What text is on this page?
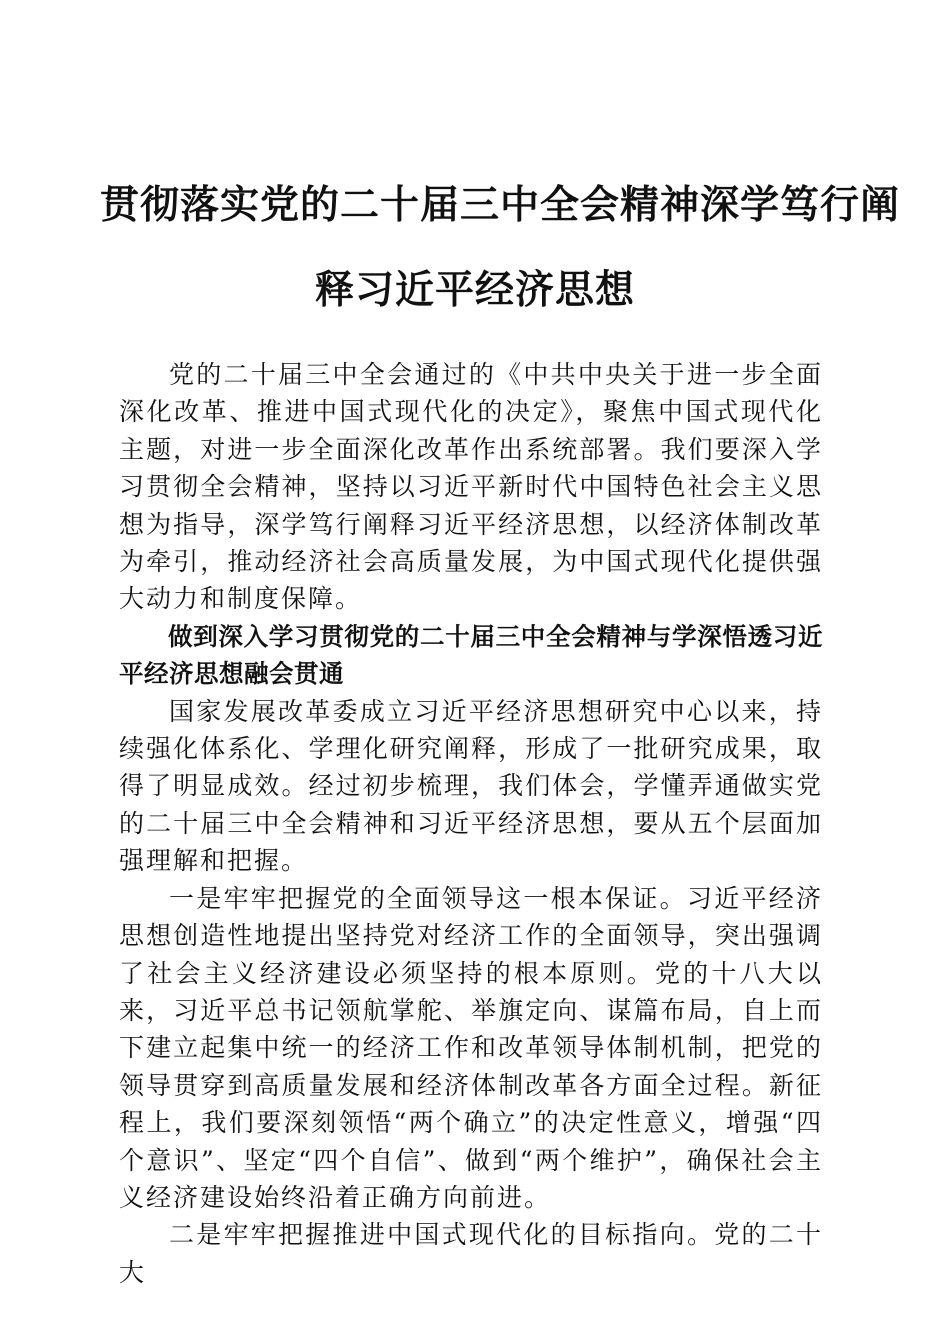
贯彻落实党的二十届三中全会精神深学笃行阐
释习近平经济思想

党的二十届三中全会通过的《中共中央关于进一步全面深化改革、推进中国式现代化的决定》，聚焦中国式现代化主题，对进一步全面深化改革作出系统部署。我们要深入学习贯彻全会精神，坚持以习近平新时代中国特色社会主义思想为指导，深学笃行阐释习近平经济思想，以经济体制改革为牵引，推动经济社会高质量发展，为中国式现代化提供强大动力和制度保障。

做到深入学习贯彻党的二十届三中全会精神与学深悟透习近平经济思想融会贯通

国家发展改革委成立习近平经济思想研究中心以来，持续强化体系化、学理化研究阐释，形成了一批研究成果，取得了明显成效。经过初步梳理，我们体会，学懂弄通做实党的二十届三中全会精神和习近平经济思想，要从五个层面加强理解和把握。

一是牢牢把握党的全面领导这一根本保证。习近平经济思想创造性地提出坚持党对经济工作的全面领导，突出强调了社会主义经济建设必须坚持的根本原则。党的十八大以来，习近平总书记领航掌舵、举旗定向、谋篇布局，自上而下建立起集中统一的经济工作和改革领导体制机制，把党的领导贯穿到高质量发展和经济体制改革各方面全过程。新征程上，我们要深刻领悟“两个确立”的决定性意义，增强“四个意识”、坚定“四个自信”、做到“两个维护”，确保社会主义经济建设始终沿着正确方向前进。

二是牢牢把握推进中国式现代化的目标指向。党的二十大
